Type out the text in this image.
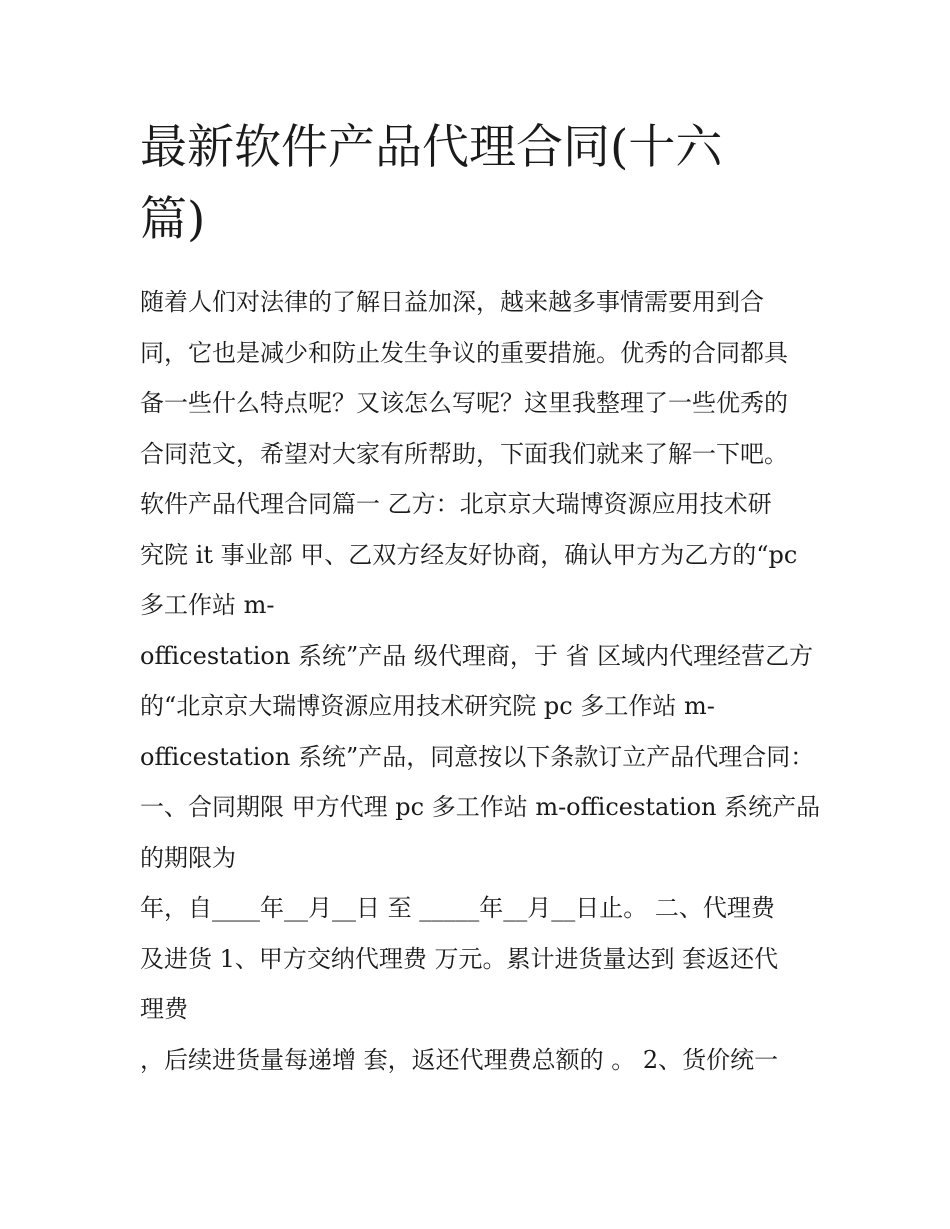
最新软件产品代理合同(十六
篇)
随着人们对法律的了解日益加深，越来越多事情需要用到合
同，它也是减少和防止发生争议的重要措施。优秀的合同都具
备一些什么特点呢？又该怎么写呢？这里我整理了一些优秀的
合同范文，希望对大家有所帮助，下面我们就来了解一下吧。
软件产品代理合同篇一 乙方：北京京大瑞博资源应用技术研
究院 it 事业部 甲、乙双方经友好协商，确认甲方为乙方的“pc
多工作站 m-
officestation 系统”产品 级代理商，于 省 区域内代理经营乙方
的“北京京大瑞博资源应用技术研究院 pc 多工作站 m-
officestation 系统”产品，同意按以下条款订立产品代理合同：
一、合同期限 甲方代理 pc 多工作站 m-officestation 系统产品
的期限为
年，自____年__月__日 至 _____年__月__日止。 二、代理费
及进货 1、甲方交纳代理费 万元。累计进货量达到 套返还代
理费
，后续进货量每递增 套，返还代理费总额的 。 2、货价统一
